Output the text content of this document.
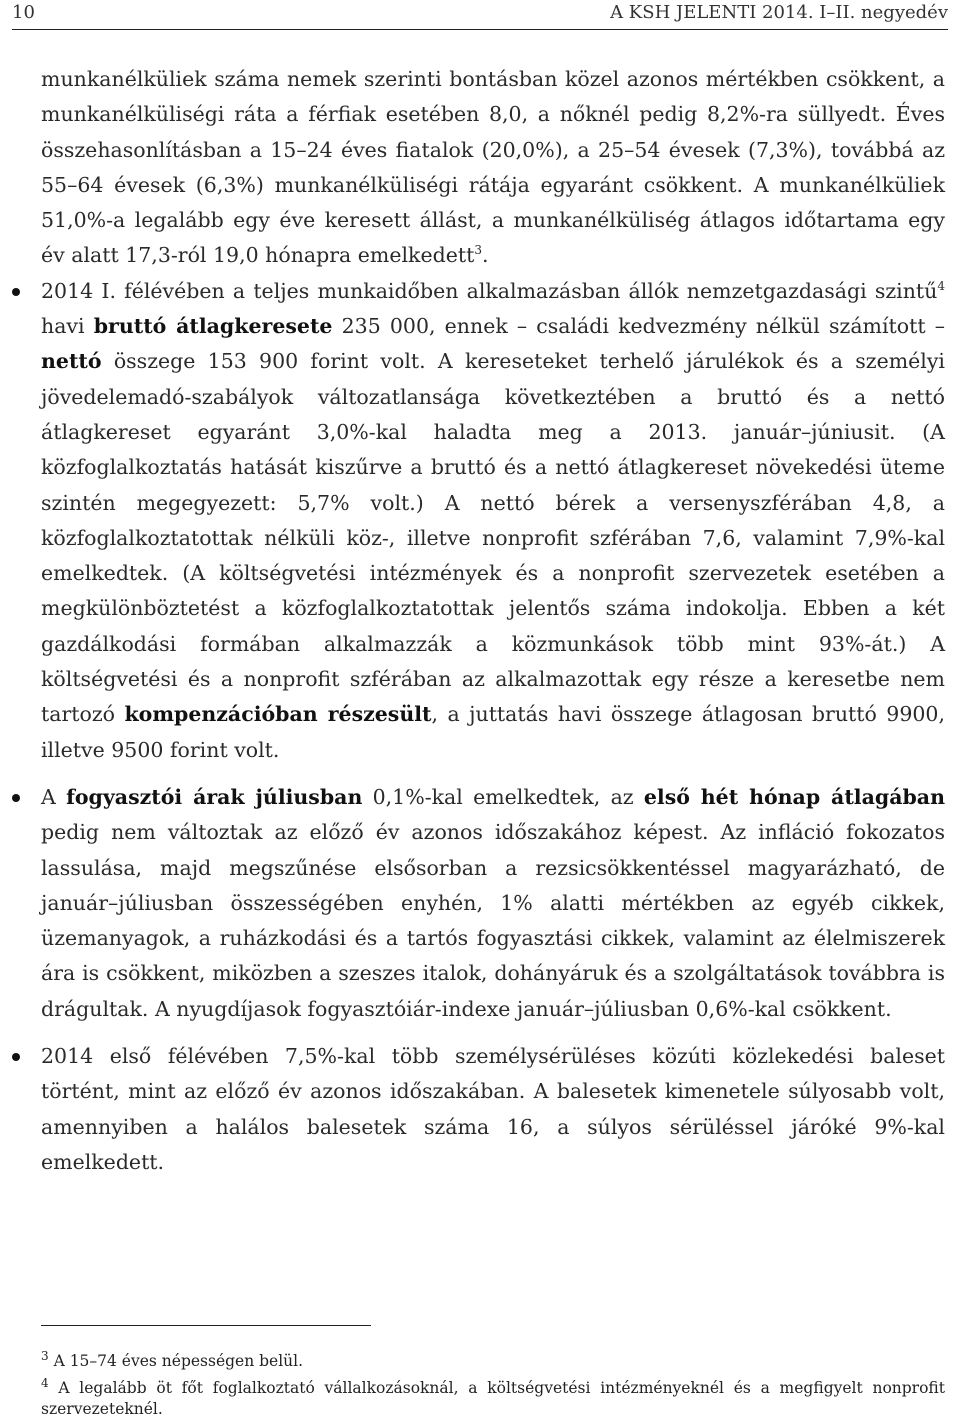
10	A KSH JELENTI 2014. I–II. negyedév

munkanélküliek száma nemek szerinti bontásban közel azonos mértékben csökkent, a munkanélküliségi ráta a férfiak esetében 8,0, a nőknél pedig 8,2%-ra süllyedt. Éves összehasonlításban a 15–24 éves fiatalok (20,0%), a 25–54 évesek (7,3%), továbbá az 55–64 évesek (6,3%) munkanélküliségi rátája egyaránt csökkent. A munkanélküliek 51,0%-a legalább egy éve keresett állást, a munkanélküliség átlagos időtartama egy év alatt 17,3-ról 19,0 hónapra emelkedett$^3$.

2014 I. félévében a teljes munkaidőben alkalmazásban állók nemzetgazdasági szintű$^4$ havi bruttó átlagkeresete 235 000, ennek – családi kedvezmény nélkül számított – nettó összege 153 900 forint volt. A kereseteket terhelő járulékok és a személyi jövedelemadó-szabályok változatlansága következtében a bruttó és a nettó átlagkereset egyaránt 3,0%-kal haladta meg a 2013. január–júniusit. (A közfoglalkoztatás hatását kiszűrve a bruttó és a nettó átlagkereset növekedési üteme szintén megegyezett: 5,7% volt.) A nettó bérek a versenyszférában 4,8, a közfoglalkoztatottak nélküli köz-, illetve nonprofit szférában 7,6, valamint 7,9%-kal emelkedtek. (A költségvetési intézmények és a nonprofit szervezetek esetében a megkülönböztetést a közfoglalkoztatottak jelentős száma indokolja. Ebben a két gazdálkodási formában alkalmazzák a közmunkások több mint 93%-át.) A költségvetési és a nonprofit szférában az alkalmazottak egy része a keresetbe nem tartozó kompenzációban részesült, a juttatás havi összege átlagosan bruttó 9900, illetve 9500 forint volt.

A fogyasztói árak júliusban 0,1%-kal emelkedtek, az első hét hónap átlagában pedig nem változtak az előző év azonos időszakához képest. Az infláció fokozatos lassulása, majd megszűnése elsősorban a rezsicsökkentéssel magyarázható, de január–júliusban összességében enyhén, 1% alatti mértékben az egyéb cikkek, üzemanyagok, a ruházkodási és a tartós fogyasztási cikkek, valamint az élelmiszerek ára is csökkent, miközben a szeszes italok, dohányáruk és a szolgáltatások továbbra is drágultak. A nyugdíjasok fogyasztóiár-indexe január–júliusban 0,6%-kal csökkent.

2014 első félévében 7,5%-kal több személysérüléses közúti közlekedési baleset történt, mint az előző év azonos időszakában. A balesetek kimenetele súlyosabb volt, amennyiben a halálos balesetek száma 16, a súlyos sérüléssel járóké 9%-kal emelkedett.

$^3$ A 15–74 éves népességen belül.

$^4$ A legalább öt főt foglalkoztató vállalkozásoknál, a költségvetési intézményeknél és a megfigyelt nonprofit szervezeteknél.
